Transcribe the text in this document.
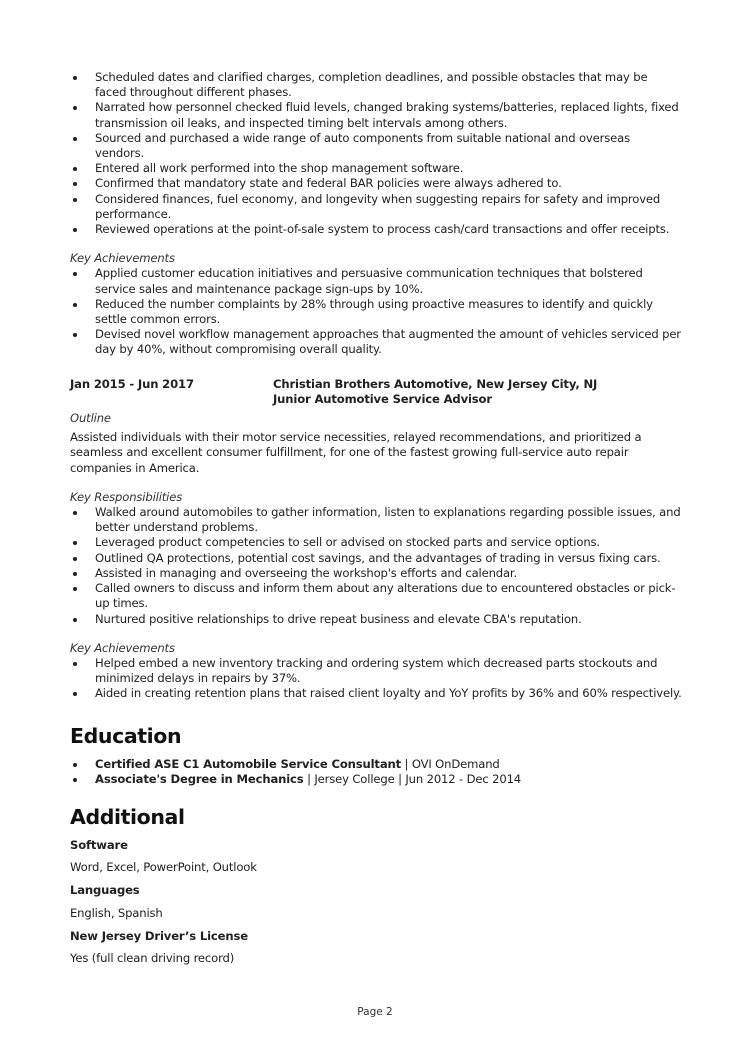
Scheduled dates and clarified charges, completion deadlines, and possible obstacles that may be faced throughout different phases.
Narrated how personnel checked fluid levels, changed braking systems/batteries, replaced lights, fixed transmission oil leaks, and inspected timing belt intervals among others.
Sourced and purchased a wide range of auto components from suitable national and overseas vendors.
Entered all work performed into the shop management software.
Confirmed that mandatory state and federal BAR policies were always adhered to.
Considered finances, fuel economy, and longevity when suggesting repairs for safety and improved performance.
Reviewed operations at the point-of-sale system to process cash/card transactions and offer receipts.
Key Achievements
Applied customer education initiatives and persuasive communication techniques that bolstered service sales and maintenance package sign-ups by 10%.
Reduced the number complaints by 28% through using proactive measures to identify and quickly settle common errors.
Devised novel workflow management approaches that augmented the amount of vehicles serviced per day by 40%, without compromising overall quality.
Jan 2015 - Jun 2017	Christian Brothers Automotive, New Jersey City, NJ
Junior Automotive Service Advisor
Outline
Assisted individuals with their motor service necessities, relayed recommendations, and prioritized a seamless and excellent consumer fulfillment, for one of the fastest growing full-service auto repair companies in America.
Key Responsibilities
Walked around automobiles to gather information, listen to explanations regarding possible issues, and better understand problems.
Leveraged product competencies to sell or advised on stocked parts and service options.
Outlined QA protections, potential cost savings, and the advantages of trading in versus fixing cars.
Assisted in managing and overseeing the workshop's efforts and calendar.
Called owners to discuss and inform them about any alterations due to encountered obstacles or pick-up times.
Nurtured positive relationships to drive repeat business and elevate CBA's reputation.
Key Achievements
Helped embed a new inventory tracking and ordering system which decreased parts stockouts and minimized delays in repairs by 37%.
Aided in creating retention plans that raised client loyalty and YoY profits by 36% and 60% respectively.
Education
Certified ASE C1 Automobile Service Consultant | OVI OnDemand
Associate's Degree in Mechanics | Jersey College | Jun 2012 - Dec 2014
Additional
Software
Word, Excel, PowerPoint, Outlook
Languages
English, Spanish
New Jersey Driver’s License
Yes (full clean driving record)
Page 2
